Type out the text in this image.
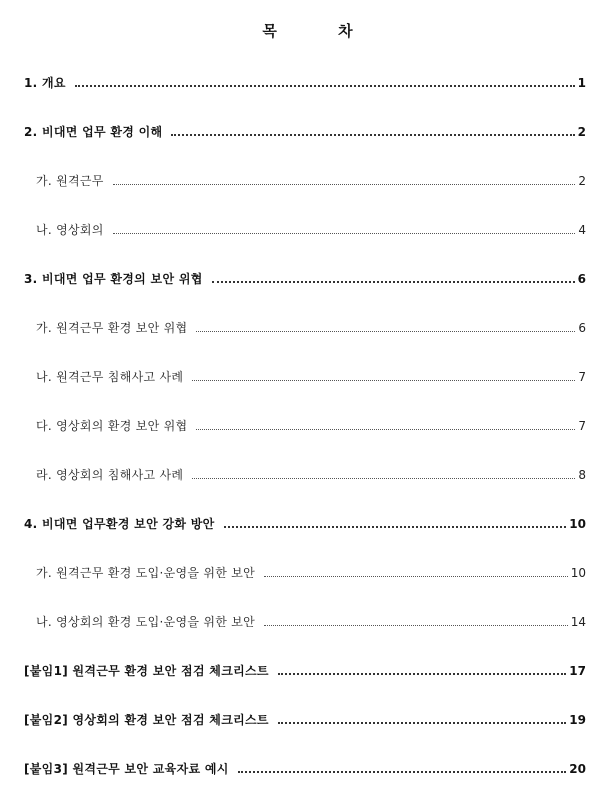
목 차
1. 개요	1
2. 비대면 업무 환경 이해	2
가. 원격근무	2
나. 영상회의	4
3. 비대면 업무 환경의 보안 위협	6
가. 원격근무 환경 보안 위협	6
나. 원격근무 침해사고 사례	7
다. 영상회의 환경 보안 위협	7
라. 영상회의 침해사고 사례	8
4. 비대면 업무환경 보안 강화 방안	10
가. 원격근무 환경 도입·운영을 위한 보안	10
나. 영상회의 환경 도입·운영을 위한 보안	14
[붙임1] 원격근무 환경 보안 점검 체크리스트	17
[붙임2] 영상회의 환경 보안 점검 체크리스트	19
[붙임3] 원격근무 보안 교육자료 예시	20
